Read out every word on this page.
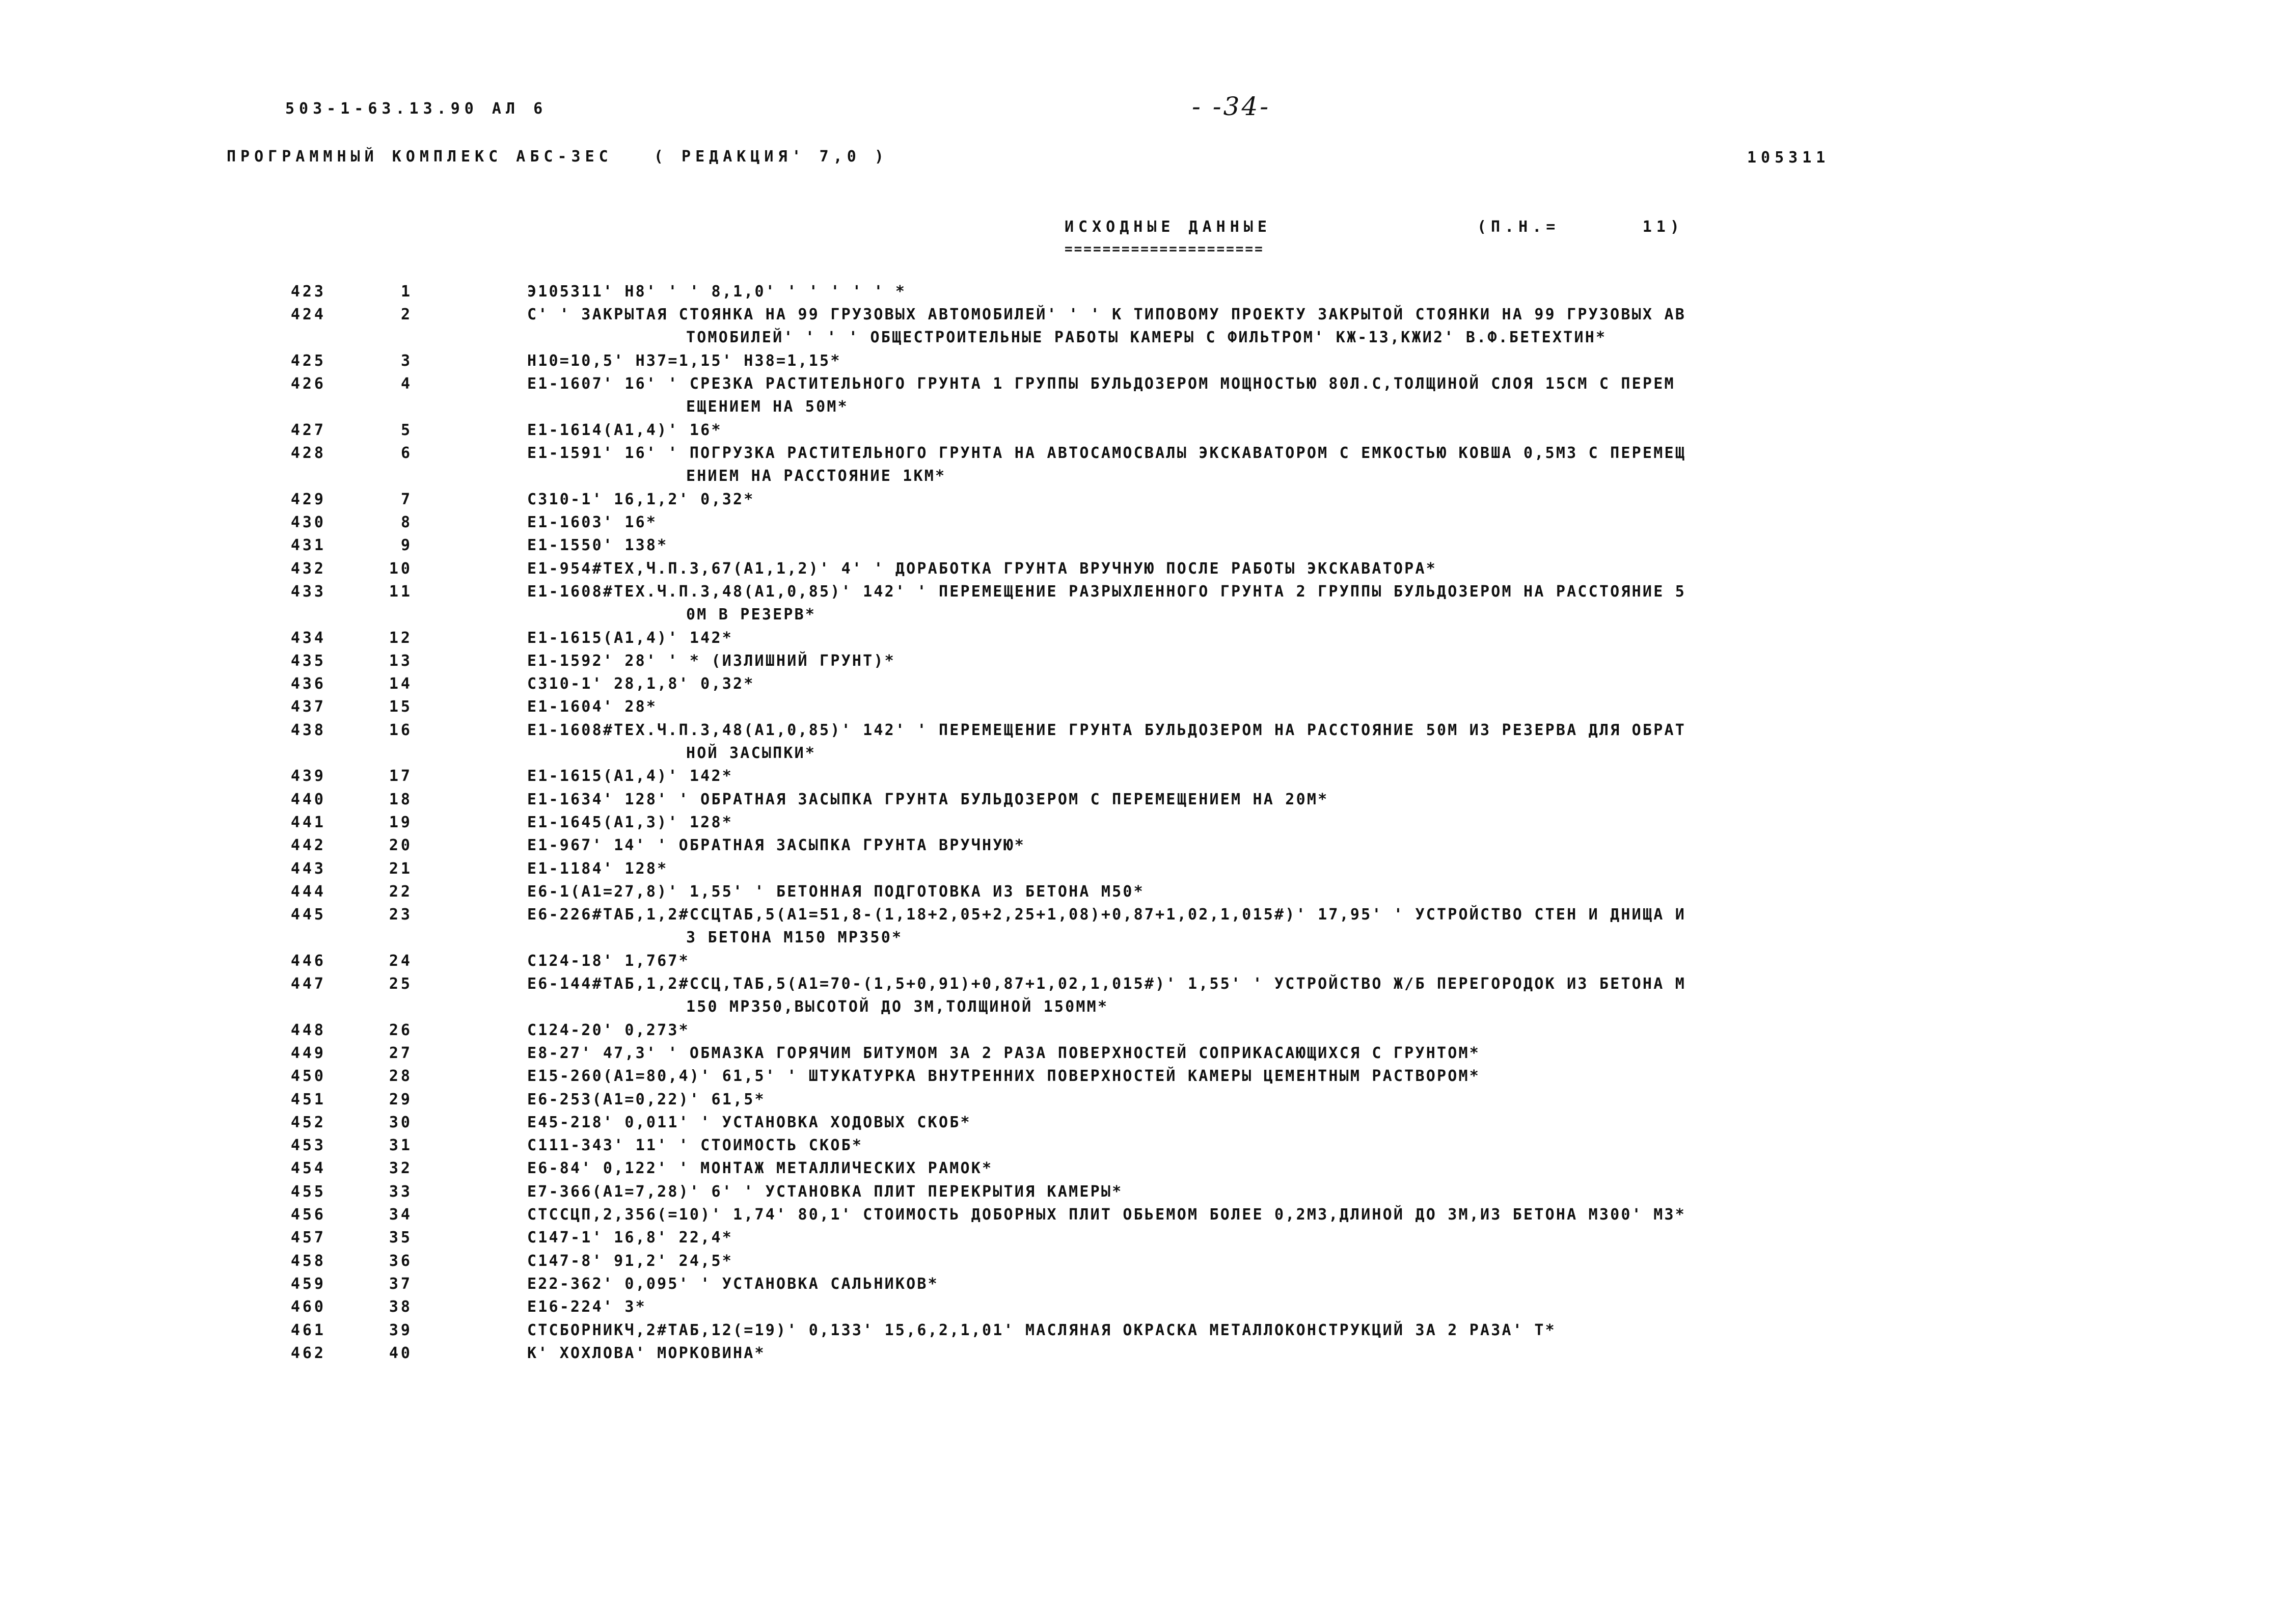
503-1-63.13.90 АЛ 6	- -34-
ПРОГРАММНЫЙ КОМПЛЕКС АБС-ЗЕС   ( РЕДАКЦИЯ' 7,0 )	105311
ИСХОДНЫЕ ДАННЫЕ	(П.Н.=      11)
=====================
423	1	Э105311' Н8' ' ' 8,1,0' ' ' ' ' ' *
424	2	С' ' ЗАКРЫТАЯ СТОЯНКА НА 99 ГРУЗОВЫХ АВТОМОБИЛЕЙ' ' ' К ТИПОВОМУ ПРОЕКТУ ЗАКРЫТОЙ СТОЯНКИ НА 99 ГРУЗОВЫХ АВ
ТОМОБИЛЕЙ' ' ' ' ОБЩЕСТРОИТЕЛЬНЫЕ РАБОТЫ КАМЕРЫ С ФИЛЬТРОМ' КЖ-13,КЖИ2' В.Ф.БЕТЕХТИН*
425	3	Н10=10,5' Н37=1,15' Н38=1,15*
426	4	Е1-1607' 16' ' СРЕЗКА РАСТИТЕЛЬНОГО ГРУНТА 1 ГРУППЫ БУЛЬДОЗЕРОМ МОЩНОСТЬЮ 80Л.С,ТОЛЩИНОЙ СЛОЯ 15СМ С ПЕРЕМ
ЕЩЕНИЕМ НА 50М*
427	5	Е1-1614(А1,4)' 16*
428	6	Е1-1591' 16' ' ПОГРУЗКА РАСТИТЕЛЬНОГО ГРУНТА НА АВТОСАМОСВАЛЫ ЭКСКАВАТОРОМ С ЕМКОСТЬЮ КОВША 0,5М3 С ПЕРЕМЕЩ
ЕНИЕМ НА РАССТОЯНИЕ 1КМ*
429	7	С310-1' 16,1,2' 0,32*
430	8	Е1-1603' 16*
431	9	Е1-1550' 138*
432	10	Е1-954#ТЕХ,Ч.П.3,67(А1,1,2)' 4' ' ДОРАБОТКА ГРУНТА ВРУЧНУЮ ПОСЛЕ РАБОТЫ ЭКСКАВАТОРА*
433	11	Е1-1608#ТЕХ.Ч.П.3,48(А1,0,85)' 142' ' ПЕРЕМЕЩЕНИЕ РАЗРЫХЛЕННОГО ГРУНТА 2 ГРУППЫ БУЛЬДОЗЕРОМ НА РАССТОЯНИЕ 5
0М В РЕЗЕРВ*
434	12	Е1-1615(А1,4)' 142*
435	13	Е1-1592' 28' ' * (ИЗЛИШНИЙ ГРУНТ)*
436	14	С310-1' 28,1,8' 0,32*
437	15	Е1-1604' 28*
438	16	Е1-1608#ТЕХ.Ч.П.3,48(А1,0,85)' 142' ' ПЕРЕМЕЩЕНИЕ ГРУНТА БУЛЬДОЗЕРОМ НА РАССТОЯНИЕ 50М ИЗ РЕЗЕРВА ДЛЯ ОБРАТ
НОЙ ЗАСЫПКИ*
439	17	Е1-1615(А1,4)' 142*
440	18	Е1-1634' 128' ' ОБРАТНАЯ ЗАСЫПКА ГРУНТА БУЛЬДОЗЕРОМ С ПЕРЕМЕЩЕНИЕМ НА 20М*
441	19	Е1-1645(А1,3)' 128*
442	20	Е1-967' 14' ' ОБРАТНАЯ ЗАСЫПКА ГРУНТА ВРУЧНУЮ*
443	21	Е1-1184' 128*
444	22	Е6-1(А1=27,8)' 1,55' ' БЕТОННАЯ ПОДГОТОВКА ИЗ БЕТОНА М50*
445	23	Е6-226#ТАБ,1,2#ССЦТАБ,5(А1=51,8-(1,18+2,05+2,25+1,08)+0,87+1,02,1,015#)' 17,95' ' УСТРОЙСТВО СТЕН И ДНИЩА И
З БЕТОНА М150 МРЗ50*
446	24	С124-18' 1,767*
447	25	Е6-144#ТАБ,1,2#ССЦ,ТАБ,5(А1=70-(1,5+0,91)+0,87+1,02,1,015#)' 1,55' ' УСТРОЙСТВО Ж/Б ПЕРЕГОРОДОК ИЗ БЕТОНА М
150 МРЗ50,ВЫСОТОЙ ДО 3М,ТОЛЩИНОЙ 150ММ*
448	26	С124-20' 0,273*
449	27	Е8-27' 47,3' ' ОБМАЗКА ГОРЯЧИМ БИТУМОМ ЗА 2 РАЗА ПОВЕРХНОСТЕЙ СОПРИКАСАЮЩИХСЯ С ГРУНТОМ*
450	28	Е15-260(А1=80,4)' 61,5' ' ШТУКАТУРКА ВНУТРЕННИХ ПОВЕРХНОСТЕЙ КАМЕРЫ ЦЕМЕНТНЫМ РАСТВОРОМ*
451	29	Е6-253(А1=0,22)' 61,5*
452	30	Е45-218' 0,011' ' УСТАНОВКА ХОДОВЫХ СКОБ*
453	31	С111-343' 11' ' СТОИМОСТЬ СКОБ*
454	32	Е6-84' 0,122' ' МОНТАЖ МЕТАЛЛИЧЕСКИХ РАМОК*
455	33	Е7-366(А1=7,28)' 6' ' УСТАНОВКА ПЛИТ ПЕРЕКРЫТИЯ КАМЕРЫ*
456	34	СТССЦП,2,356(=10)' 1,74' 80,1' СТОИМОСТЬ ДОБОРНЫХ ПЛИТ ОБЬЕМОМ БОЛЕЕ 0,2М3,ДЛИНОЙ ДО 3М,ИЗ БЕТОНА М300' М3*
457	35	С147-1' 16,8' 22,4*
458	36	С147-8' 91,2' 24,5*
459	37	Е22-362' 0,095' ' УСТАНОВКА САЛЬНИКОВ*
460	38	Е16-224' 3*
461	39	СТСБОРНИКЧ,2#ТАБ,12(=19)' 0,133' 15,6,2,1,01' МАСЛЯНАЯ ОКРАСКА МЕТАЛЛОКОНСТРУКЦИЙ ЗА 2 РАЗА' Т*
462	40	К' ХОХЛОВА' МОРКОВИНА*
